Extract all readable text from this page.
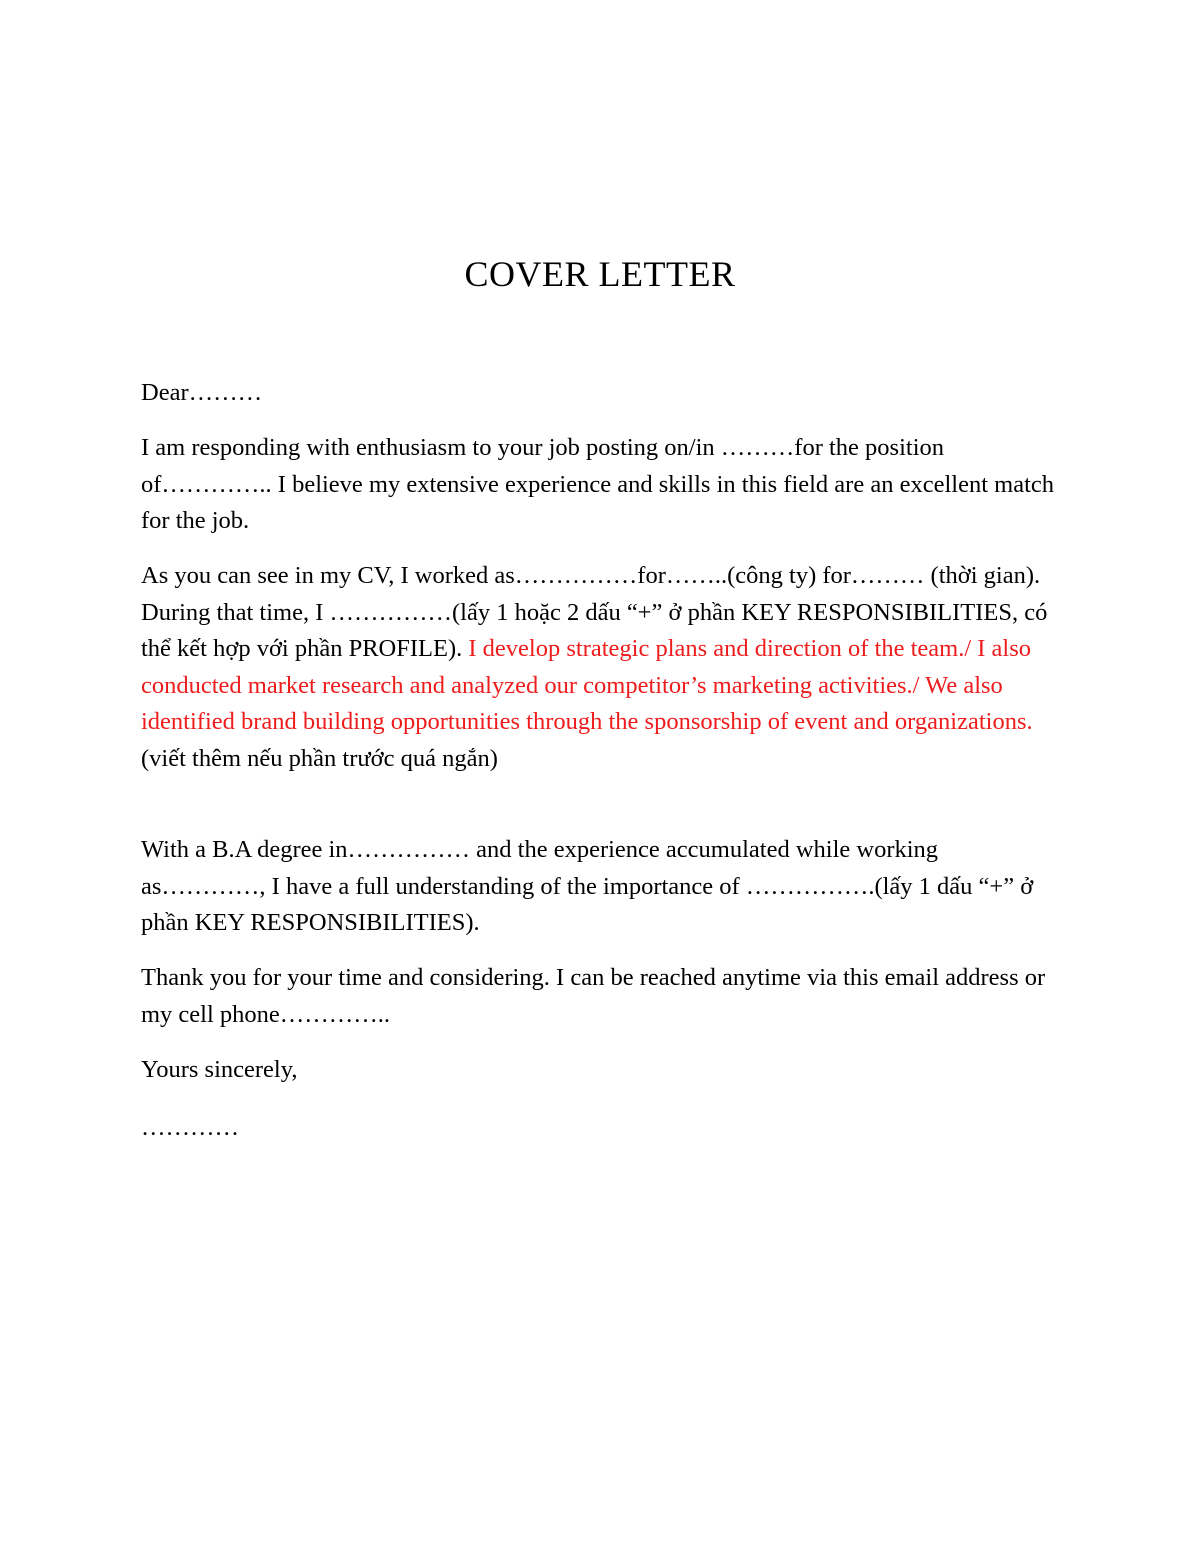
COVER LETTER

Dear………

I am responding with enthusiasm to your job posting on/in ………for the position of………….. I believe my extensive experience and skills in this field are an excellent match for the job.

As you can see in my CV, I worked as……………for……..(công ty) for……… (thời gian). During that time, I ……………(lấy 1 hoặc 2 dấu “+” ở phần KEY RESPONSIBILITIES, có thể kết hợp với phần PROFILE). I develop strategic plans and direction of the team./ I also conducted market research and analyzed our competitor’s marketing activities./ We also identified brand building opportunities through the sponsorship of event and organizations.(viết thêm nếu phần trước quá ngắn)

With a B.A degree in…………… and the experience accumulated while working as…………, I have a full understanding of the importance of …………….(lấy 1 dấu “+” ở phần KEY RESPONSIBILITIES).

Thank you for your time and considering. I can be reached anytime via this email address or my cell phone…………..

Yours sincerely,

…………
